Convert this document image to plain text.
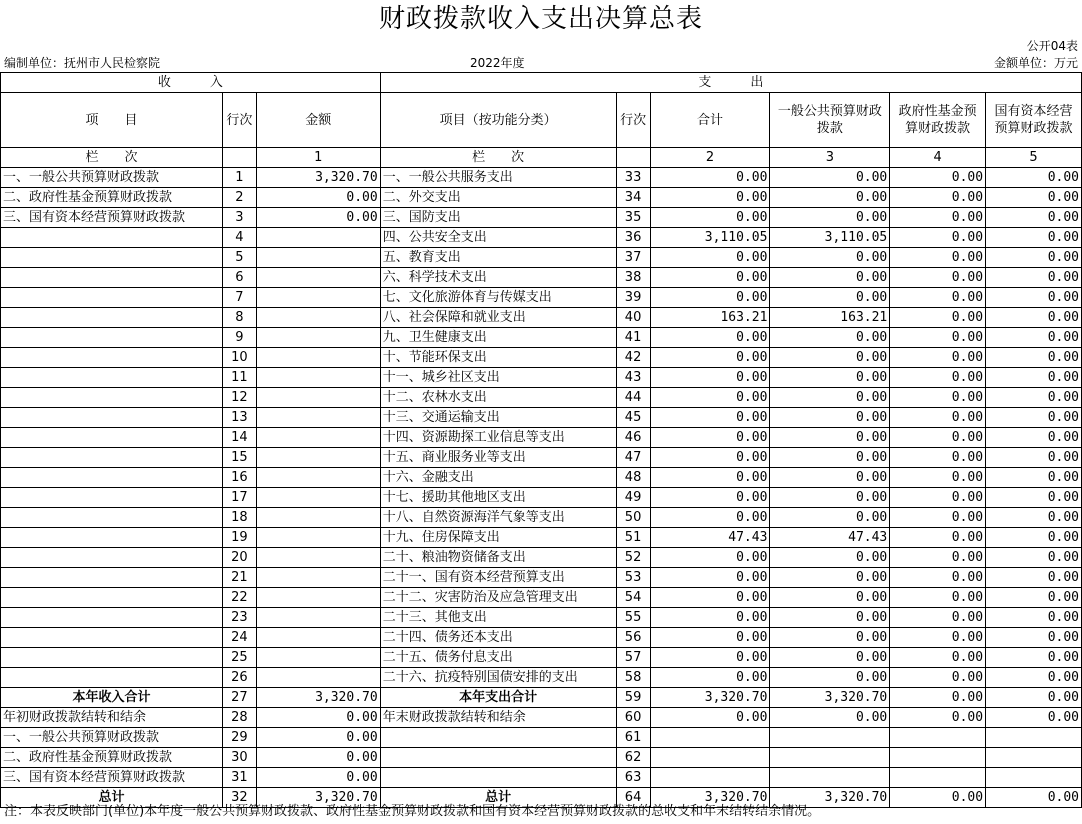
财政拨款收入支出决算总表
公开04表
编制单位：抚州市人民检察院	2022年度	金额单位：万元
收　　　入			支　　　出					
项　　目	行次	金额	项目（按功能分类）	行次	合计	一般公共预算财政拨款	政府性基金预算财政拨款	国有资本经营预算财政拨款
栏　　次		1	栏　　次		2	3	4	5
一、一般公共预算财政拨款	1	3,320.70	一、一般公共服务支出	33	0.00	0.00	0.00	0.00
二、政府性基金预算财政拨款	2	0.00	二、外交支出	34	0.00	0.00	0.00	0.00
三、国有资本经营预算财政拨款	3	0.00	三、国防支出	35	0.00	0.00	0.00	0.00
	4		四、公共安全支出	36	3,110.05	3,110.05	0.00	0.00
	5		五、教育支出	37	0.00	0.00	0.00	0.00
	6		六、科学技术支出	38	0.00	0.00	0.00	0.00
	7		七、文化旅游体育与传媒支出	39	0.00	0.00	0.00	0.00
	8		八、社会保障和就业支出	40	163.21	163.21	0.00	0.00
	9		九、卫生健康支出	41	0.00	0.00	0.00	0.00
	10		十、节能环保支出	42	0.00	0.00	0.00	0.00
	11		十一、城乡社区支出	43	0.00	0.00	0.00	0.00
	12		十二、农林水支出	44	0.00	0.00	0.00	0.00
	13		十三、交通运输支出	45	0.00	0.00	0.00	0.00
	14		十四、资源勘探工业信息等支出	46	0.00	0.00	0.00	0.00
	15		十五、商业服务业等支出	47	0.00	0.00	0.00	0.00
	16		十六、金融支出	48	0.00	0.00	0.00	0.00
	17		十七、援助其他地区支出	49	0.00	0.00	0.00	0.00
	18		十八、自然资源海洋气象等支出	50	0.00	0.00	0.00	0.00
	19		十九、住房保障支出	51	47.43	47.43	0.00	0.00
	20		二十、粮油物资储备支出	52	0.00	0.00	0.00	0.00
	21		二十一、国有资本经营预算支出	53	0.00	0.00	0.00	0.00
	22		二十二、灾害防治及应急管理支出	54	0.00	0.00	0.00	0.00
	23		二十三、其他支出	55	0.00	0.00	0.00	0.00
	24		二十四、债务还本支出	56	0.00	0.00	0.00	0.00
	25		二十五、债务付息支出	57	0.00	0.00	0.00	0.00
	26		二十六、抗疫特别国债安排的支出	58	0.00	0.00	0.00	0.00
本年收入合计	27	3,320.70	本年支出合计	59	3,320.70	3,320.70	0.00	0.00
年初财政拨款结转和结余	28	0.00	年末财政拨款结转和结余	60	0.00	0.00	0.00	0.00
一、一般公共预算财政拨款	29	0.00		61				
二、政府性基金预算财政拨款	30	0.00		62				
三、国有资本经营预算财政拨款	31	0.00		63				
总计	32	3,320.70	总计	64	3,320.70	3,320.70	0.00	0.00
注：本表反映部门(单位)本年度一般公共预算财政拨款、政府性基金预算财政拨款和国有资本经营预算财政拨款的总收支和年末结转结余情况。
